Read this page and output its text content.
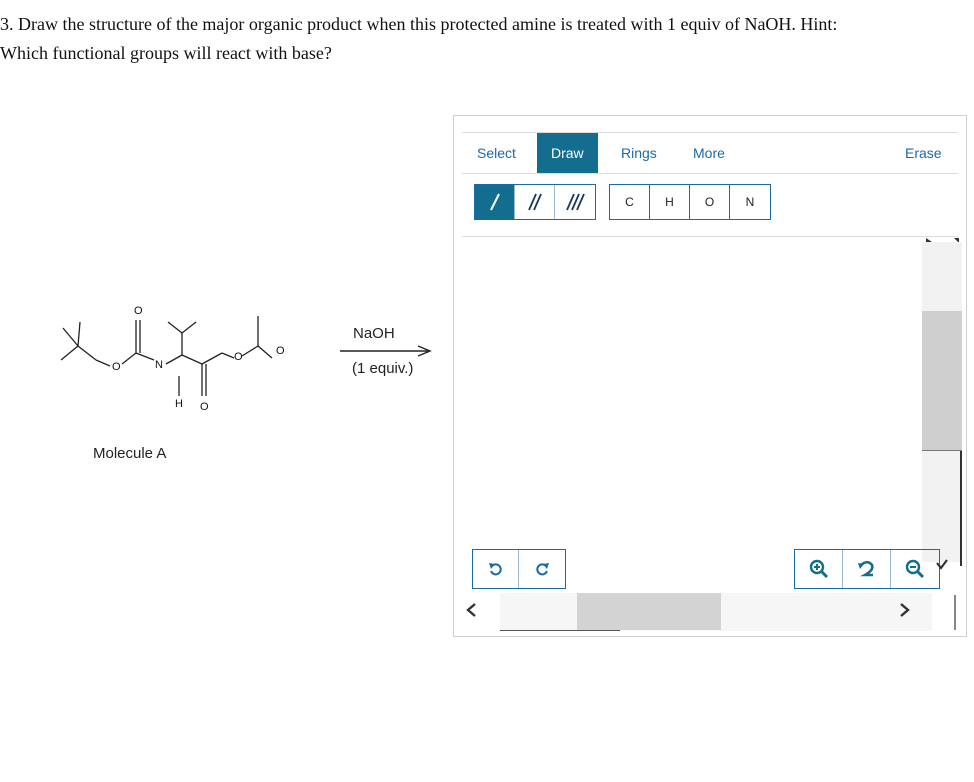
3. Draw the structure of the major organic product when this protected amine is treated with 1 equiv of NaOH. Hint:
Which functional groups will react with base?
O
O
N
H O
O	O
Molecule A
NaOH
(1 equiv.)
Select	Draw	Rings	More	Erase
C	H	O	N
